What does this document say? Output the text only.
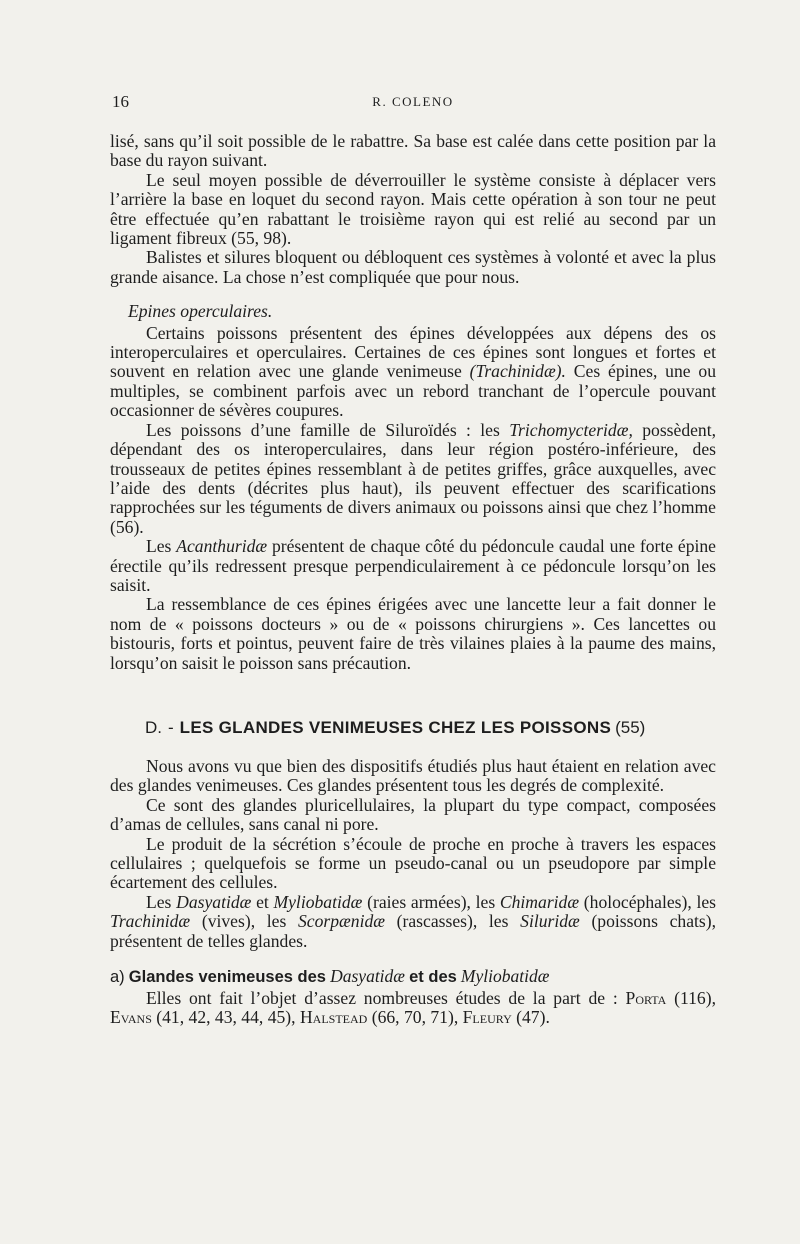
16	R. COLENO

lisé, sans qu’il soit possible de le rabattre. Sa base est calée dans cette position par la base du rayon suivant.

Le seul moyen possible de déverrouiller le système consiste à déplacer vers l’arrière la base en loquet du second rayon. Mais cette opération à son tour ne peut être effectuée qu’en rabattant le troisième rayon qui est relié au second par un ligament fibreux (55, 98).

Balistes et silures bloquent ou débloquent ces systèmes à volonté et avec la plus grande aisance. La chose n’est compliquée que pour nous.

Epines operculaires.

Certains poissons présentent des épines développées aux dépens des os interoperculaires et operculaires. Certaines de ces épines sont longues et fortes et souvent en relation avec une glande venimeuse (Trachinidæ). Ces épines, une ou multiples, se combinent parfois avec un rebord tranchant de l’opercule pouvant occasionner de sévères coupures.

Les poissons d’une famille de Siluroïdés : les Trichomycteridæ, possèdent, dépendant des os interoperculaires, dans leur région postéro-inférieure, des trousseaux de petites épines ressemblant à de petites griffes, grâce auxquelles, avec l’aide des dents (décrites plus haut), ils peuvent effectuer des scarifications rapprochées sur les téguments de divers animaux ou poissons ainsi que chez l’homme (56).

Les Acanthuridæ présentent de chaque côté du pédoncule caudal une forte épine érectile qu’ils redressent presque perpendiculairement à ce pédoncule lorsqu’on les saisit.

La ressemblance de ces épines érigées avec une lancette leur a fait donner le nom de « poissons docteurs » ou de « poissons chirurgiens ». Ces lancettes ou bistouris, forts et pointus, peuvent faire de très vilaines plaies à la paume des mains, lorsqu’on saisit le poisson sans précaution.

D. - LES GLANDES VENIMEUSES CHEZ LES POISSONS (55)

Nous avons vu que bien des dispositifs étudiés plus haut étaient en relation avec des glandes venimeuses. Ces glandes présentent tous les degrés de complexité.

Ce sont des glandes pluricellulaires, la plupart du type compact, composées d’amas de cellules, sans canal ni pore.

Le produit de la sécrétion s’écoule de proche en proche à travers les espaces cellulaires ; quelquefois se forme un pseudo-canal ou un pseudopore par simple écartement des cellules.

Les Dasyatidæ et Myliobatidæ (raies armées), les Chimaridæ (holocéphales), les Trachinidæ (vives), les Scorpænidæ (rascasses), les Siluridæ (poissons chats), présentent de telles glandes.

a) Glandes venimeuses des Dasyatidæ et des Myliobatidæ

Elles ont fait l’objet d’assez nombreuses études de la part de : Porta (116), Evans (41, 42, 43, 44, 45), Halstead (66, 70, 71), Fleury (47).
